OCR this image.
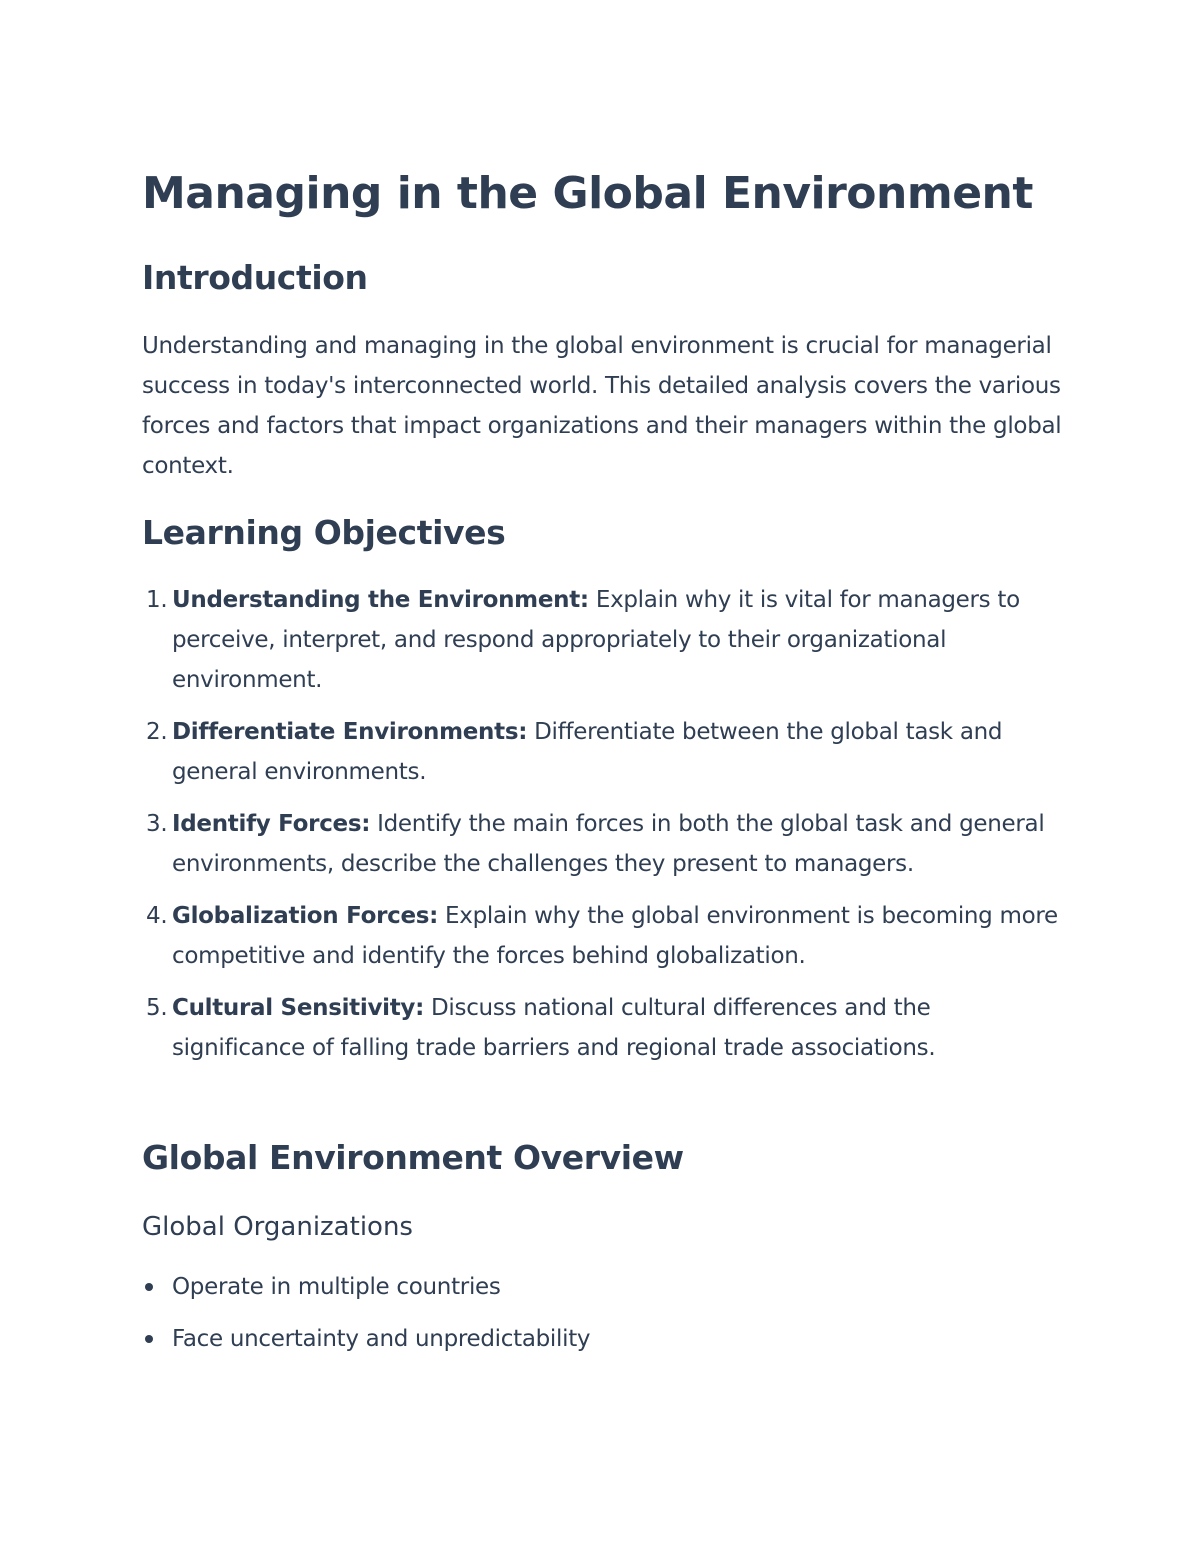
Managing in the Global Environment
Introduction

Understanding and managing in the global environment is crucial for managerial success in today's interconnected world. This detailed analysis covers the various forces and factors that impact organizations and their managers within the global context.

Learning Objectives
1. Understanding the Environment: Explain why it is vital for managers to perceive, interpret, and respond appropriately to their organizational environment.
2. Differentiate Environments: Differentiate between the global task and general environments.
3. Identify Forces: Identify the main forces in both the global task and general environments, describe the challenges they present to managers.
4. Globalization Forces: Explain why the global environment is becoming more competitive and identify the forces behind globalization.
5. Cultural Sensitivity: Discuss national cultural differences and the significance of falling trade barriers and regional trade associations.
Global Environment Overview
Global Organizations
Operate in multiple countries
Face uncertainty and unpredictability
